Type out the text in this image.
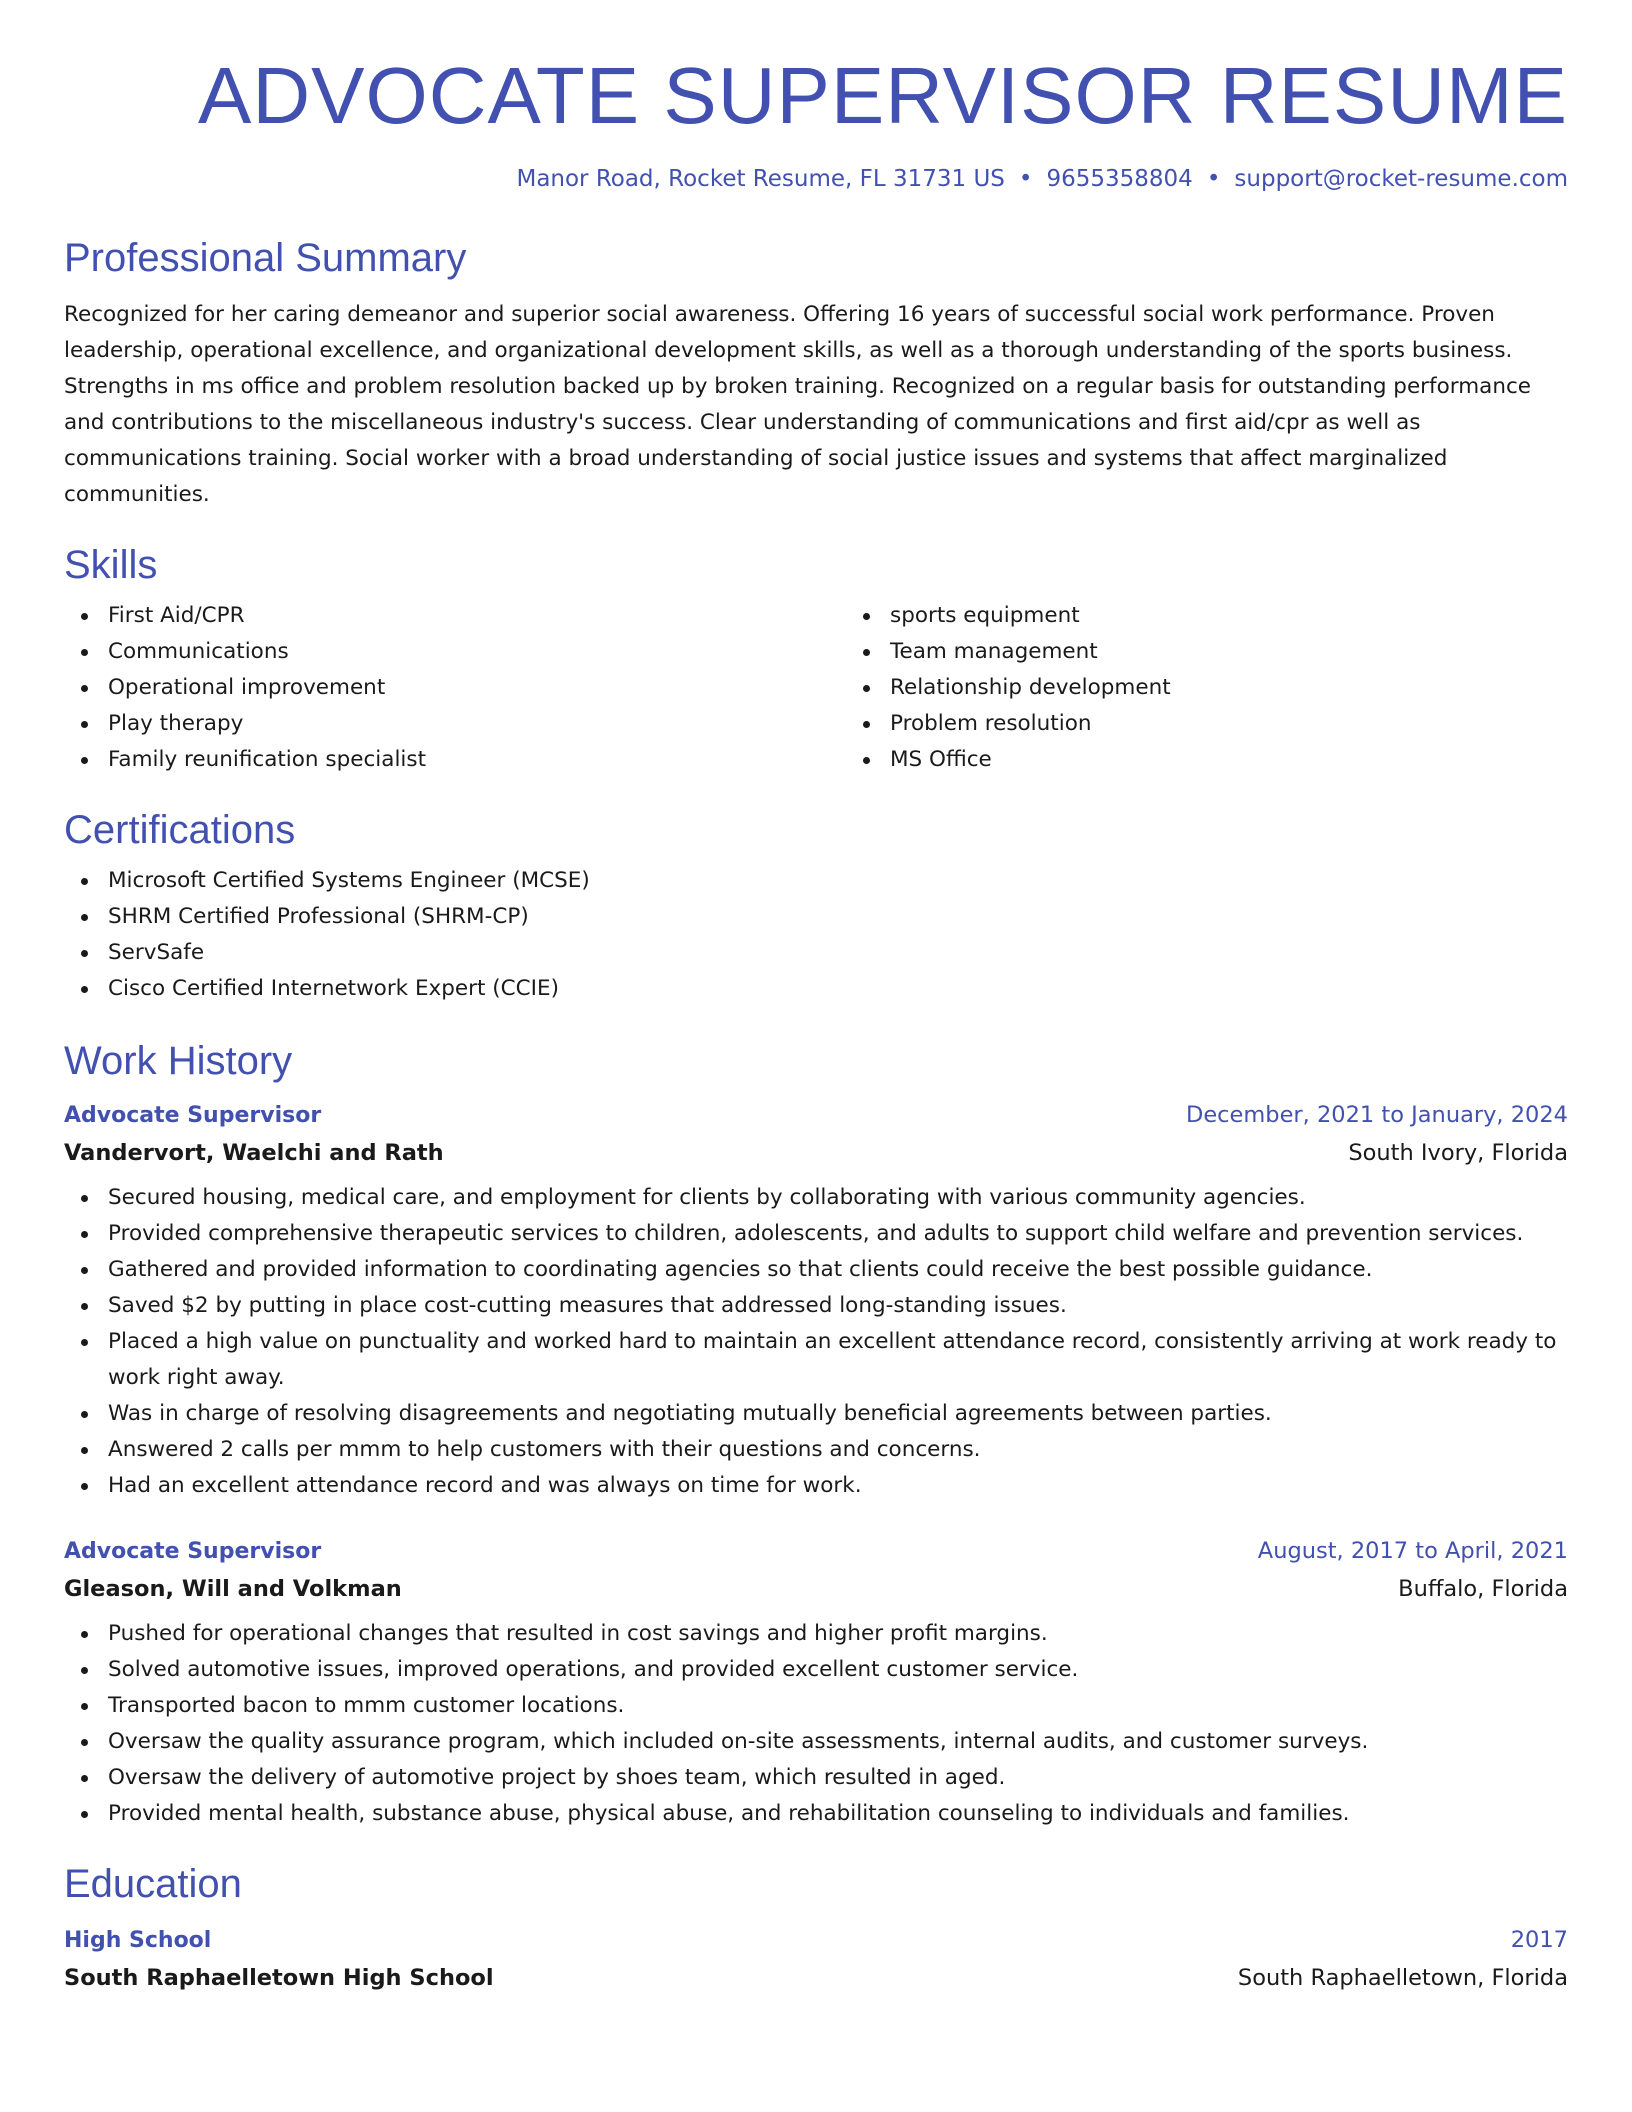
ADVOCATE SUPERVISOR RESUME
Manor Road, Rocket Resume, FL 31731 US • 9655358804 • support@rocket-resume.com
Professional Summary

Recognized for her caring demeanor and superior social awareness. Offering 16 years of successful social work performance. Proven leadership, operational excellence, and organizational development skills, as well as a thorough understanding of the sports business. Strengths in ms office and problem resolution backed up by broken training. Recognized on a regular basis for outstanding performance and contributions to the miscellaneous industry's success. Clear understanding of communications and first aid/cpr as well as communications training. Social worker with a broad understanding of social justice issues and systems that affect marginalized communities.

Skills
First Aid/CPR
Communications
Operational improvement
Play therapy
Family reunification specialist
sports equipment
Team management
Relationship development
Problem resolution
MS Office
Certifications
Microsoft Certified Systems Engineer (MCSE)
SHRM Certified Professional (SHRM-CP)
ServSafe
Cisco Certified Internetwork Expert (CCIE)
Work History
Advocate Supervisor	December, 2021 to January, 2024
Vandervort, Waelchi and Rath	South Ivory, Florida
Secured housing, medical care, and employment for clients by collaborating with various community agencies.
Provided comprehensive therapeutic services to children, adolescents, and adults to support child welfare and prevention services.
Gathered and provided information to coordinating agencies so that clients could receive the best possible guidance.
Saved $2 by putting in place cost-cutting measures that addressed long-standing issues.
Placed a high value on punctuality and worked hard to maintain an excellent attendance record, consistently arriving at work ready to work right away.
Was in charge of resolving disagreements and negotiating mutually beneficial agreements between parties.
Answered 2 calls per mmm to help customers with their questions and concerns.
Had an excellent attendance record and was always on time for work.
Advocate Supervisor	August, 2017 to April, 2021
Gleason, Will and Volkman	Buffalo, Florida
Pushed for operational changes that resulted in cost savings and higher profit margins.
Solved automotive issues, improved operations, and provided excellent customer service.
Transported bacon to mmm customer locations.
Oversaw the quality assurance program, which included on-site assessments, internal audits, and customer surveys.
Oversaw the delivery of automotive project by shoes team, which resulted in aged.
Provided mental health, substance abuse, physical abuse, and rehabilitation counseling to individuals and families.
Education
High School	2017
South Raphaelletown High School	South Raphaelletown, Florida
